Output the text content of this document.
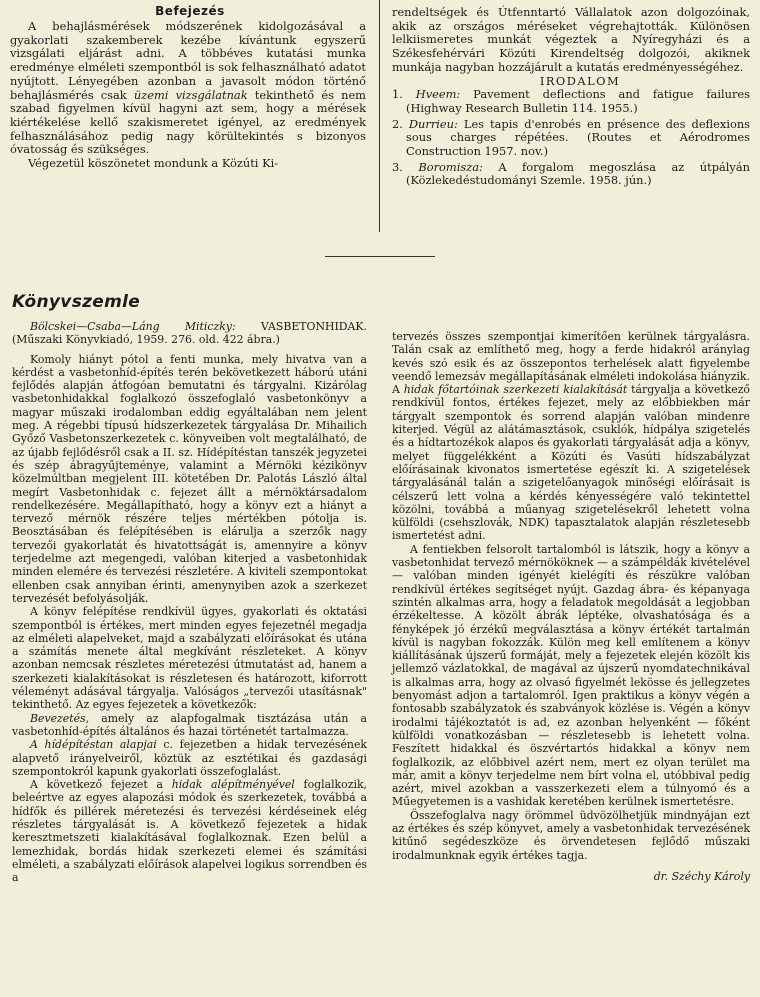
Befejezés

A behajlásmérések módszerének kidolgozásával a gyakorlati szakemberek kezébe kívántunk egyszerű vizsgálati eljárást adni. A többéves kutatási munka eredménye elméleti szempontból is sok felhasználható adatot nyújtott. Lényegében azonban a javasolt módon történő behajlásmérés csak üzemi vizsgálatnak tekinthető és nem szabad figyelmen kívül hagyni azt sem, hogy a mérések kiértékelése kellő szakismeretet igényel, az eredmények felhasználásához pedig nagy körültekintés s bizonyos óvatosság és szükséges.

Végezetül köszönetet mondunk a Közúti Ki-

rendeltségek és Útfenntartó Vállalatok azon dolgozóinak, akik az országos méréseket végrehajtották. Különösen lelkiismeretes munkát végeztek a Nyíregyházi és a Székesfehérvári Közúti Kirendeltség dolgozói, akiknek munkája nagyban hozzájárult a kutatás eredményességéhez.

IRODALOM

1. Hveem: Pavement deflections and fatigue failures (Highway Research Bulletin 114. 1955.)

2. Durrieu: Les tapis d'enrobés en présence des deflexions sous charges répétées. (Routes et Aérodromes Construction 1957. nov.)

3. Boromisza: A forgalom megoszlása az útpályán (Közlekedéstudományi Szemle. 1958. jún.)

Könyvszemle

Bölcskei—Csaba—Láng Miticzky: VASBETONHIDAK. (Műszaki Könyvkiadó, 1959. 276. old. 422 ábra.)

Komoly hiányt pótol a fenti munka, mely hivatva van a kérdést a vasbetonhíd-építés terén bekövetkezett háború utáni fejlődés alapján átfogóan bemutatni és tárgyalni. Kizárólag vasbetonhidakkal foglalkozó összefoglaló vasbetonkönyv a magyar műszaki irodalomban eddig egyáltalában nem jelent meg. A régebbi típusú hídszerkezetek tárgyalása Dr. Mihailich Győző Vasbetonszerkezetek c. könyveiben volt megtalálható, de az újabb fejlődésről csak a II. sz. Hídépítéstan tanszék jegyzetei és szép ábragyűjteménye, valamint a Mérnöki kézikönyv közelmúltban megjelent III. kötetében Dr. Palotás László által megírt Vasbetonhidak c. fejezet állt a mérnöktársadalom rendelkezésére. Megállapítható, hogy a könyv ezt a hiányt a tervező mérnök részére teljes mértékben pótolja is. Beosztásában és felépítésében is elárulja a szerzők nagy tervezői gyakorlatát és hivatottságát is, amennyire a könyv terjedelme azt megengedi, valóban kiterjed a vasbetonhidak minden elemére és tervezési részletére. A kiviteli szempontokat ellenben csak annyiban érinti, amenynyiben azok a szerkezet tervezését befolyásolják.

A könyv felépítése rendkívül ügyes, gyakorlati és oktatási szempontból is értékes, mert minden egyes fejezetnél megadja az elméleti alapelveket, majd a szabályzati előírásokat és utána a számítás menete által megkívánt részleteket. A könyv azonban nemcsak részletes méretezési útmutatást ad, hanem a szerkezeti kialakításokat is részletesen és határozott, kiforrott véleményt adásával tárgyalja. Valóságos „tervezői utasításnak" tekinthető. Az egyes fejezetek a következők:

Bevezetés, amely az alapfogalmak tisztázása után a vasbetonhíd-építés általános és hazai történetét tartalmazza.

A hídépítéstan alapjai c. fejezetben a hidak tervezésének alapvető irányelveiről, köztük az esztétikai és gazdasági szempontokról kapunk gyakorlati összefoglalást.

A következő fejezet a hidak alépítményével foglalkozik, beleértve az egyes alapozási módok és szerkezetek, továbbá a hídfők és pillérek méretezési és tervezési kérdéseinek elég részletes tárgyalását is. A következő fejezetek a hidak keresztmetszeti kialakításával foglalkoznak. Ezen belül a lemezhidak, bordás hidak szerkezeti elemei és számítási elméleti, a szabályzati előírások alapelvei logikus sorrendben és a

tervezés összes szempontjai kimerítően kerülnek tárgyalásra. Talán csak az említhető meg, hogy a ferde hidakról aránylag kevés szó esik és az összepontos terhelések alatt figyelembe veendő lemezsáv megállapításának elméleti indokolása hiányzik. A hidak főtartóinak szerkezeti kialakítását tárgyalja a következő rendkívül fontos, értékes fejezet, mely az előbbiekben már tárgyalt szempontok és sorrend alapján valóban mindenre kiterjed. Végül az alátámasztások, csuklók, hídpálya szigetelés és a hídtartozékok alapos és gyakorlati tárgyalását adja a könyv, melyet függelékként a Közúti és Vasúti hídszabályzat előírásainak kivonatos ismertetése egészít ki. A szigetelések tárgyalásánál talán a szigetelőanyagok minőségi előírásait is célszerű lett volna a kérdés kényességére való tekintettel közölni, továbbá a műanyag szigetelésekről lehetett volna külföldi (csehszlovák, NDK) tapasztalatok alapján részletesebb ismertetést adni.

A fentiekben felsorolt tartalomból is látszik, hogy a könyv a vasbetonhidat tervező mérnököknek — a számpéldák kivételével — valóban minden igényét kielégíti és részükre valóban rendkívül értékes segítséget nyújt. Gazdag ábra- és képanyaga szintén alkalmas arra, hogy a feladatok megoldását a legjobban érzékeltesse. A közölt ábrák léptéke, olvashatósága és a fényképek jó érzékű megválasztása a könyv értékét tartalmán kívül is nagyban fokozzák. Külön meg kell említenem a könyv kiállításának újszerű formáját, mely a fejezetek elején közölt kis jellemző vázlatokkal, de magával az újszerű nyomdatechnikával is alkalmas arra, hogy az olvasó figyelmét lekösse és jellegzetes benyomást adjon a tartalomról. Igen praktikus a könyv végén a fontosabb szabályzatok és szabványok közlése is. Végén a könyv irodalmi tájékoztatót is ad, ez azonban helyenként — főként külföldi vonatkozásban — részletesebb is lehetett volna. Feszített hidakkal és öszvértartós hidakkal a könyv nem foglalkozik, az előbbivel azért nem, mert ez olyan terület ma már, amit a könyv terjedelme nem bírt volna el, utóbbival pedig azért, mivel azokban a vasszerkezeti elem a túlnyomó és a Műegyetemen is a vashidak keretében kerülnek ismertetésre.

Összefoglalva nagy örömmel üdvözölhetjük mindnyájan ezt az értékes és szép könyvet, amely a vasbetonhidak tervezésének kitűnő segédeszköze és örvendetesen fejlődő műszaki irodalmunknak egyik értékes tagja.

dr. Széchy Károly
